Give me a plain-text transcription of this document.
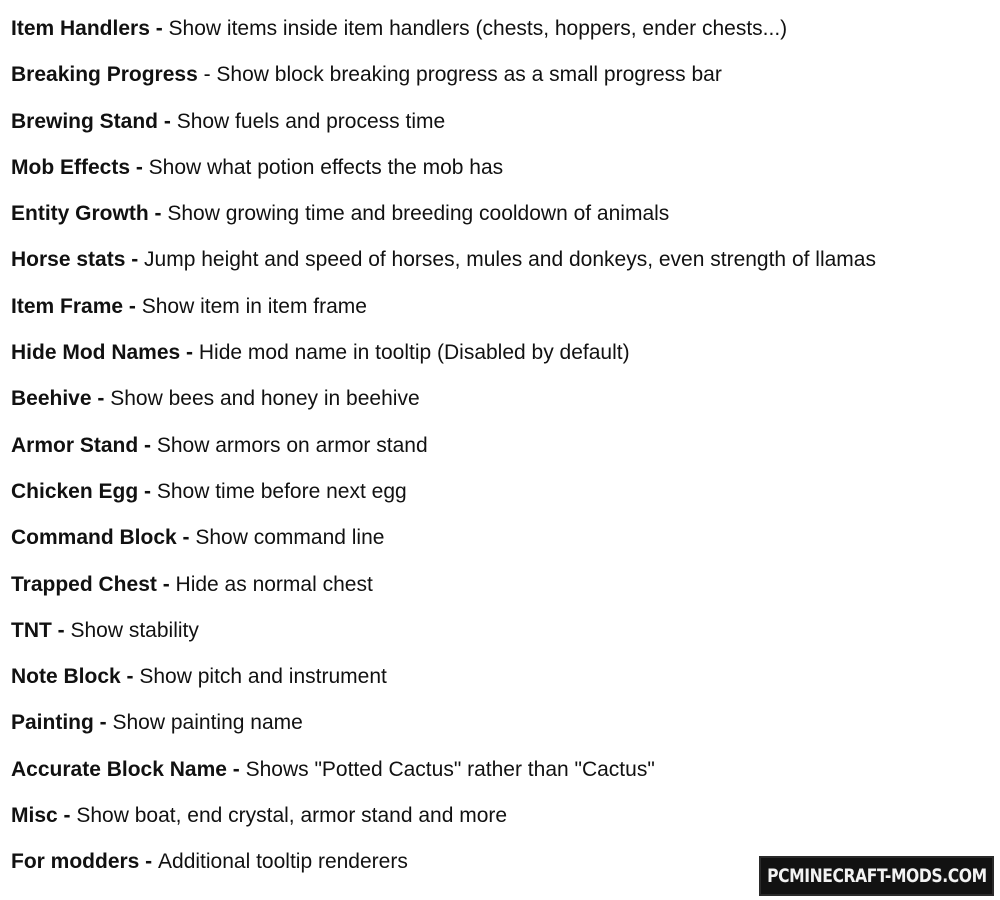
Item Handlers - Show items inside item handlers (chests, hoppers, ender chests...)
Breaking Progress - Show block breaking progress as a small progress bar
Brewing Stand - Show fuels and process time
Mob Effects - Show what potion effects the mob has
Entity Growth - Show growing time and breeding cooldown of animals
Horse stats - Jump height and speed of horses, mules and donkeys, even strength of llamas
Item Frame - Show item in item frame
Hide Mod Names - Hide mod name in tooltip (Disabled by default)
Beehive - Show bees and honey in beehive
Armor Stand - Show armors on armor stand
Chicken Egg - Show time before next egg
Command Block - Show command line
Trapped Chest - Hide as normal chest
TNT - Show stability
Note Block - Show pitch and instrument
Painting - Show painting name
Accurate Block Name - Shows "Potted Cactus" rather than "Cactus"
Misc - Show boat, end crystal, armor stand and more
For modders - Additional tooltip renderers
PCMINECRAFT-MODS.COM
